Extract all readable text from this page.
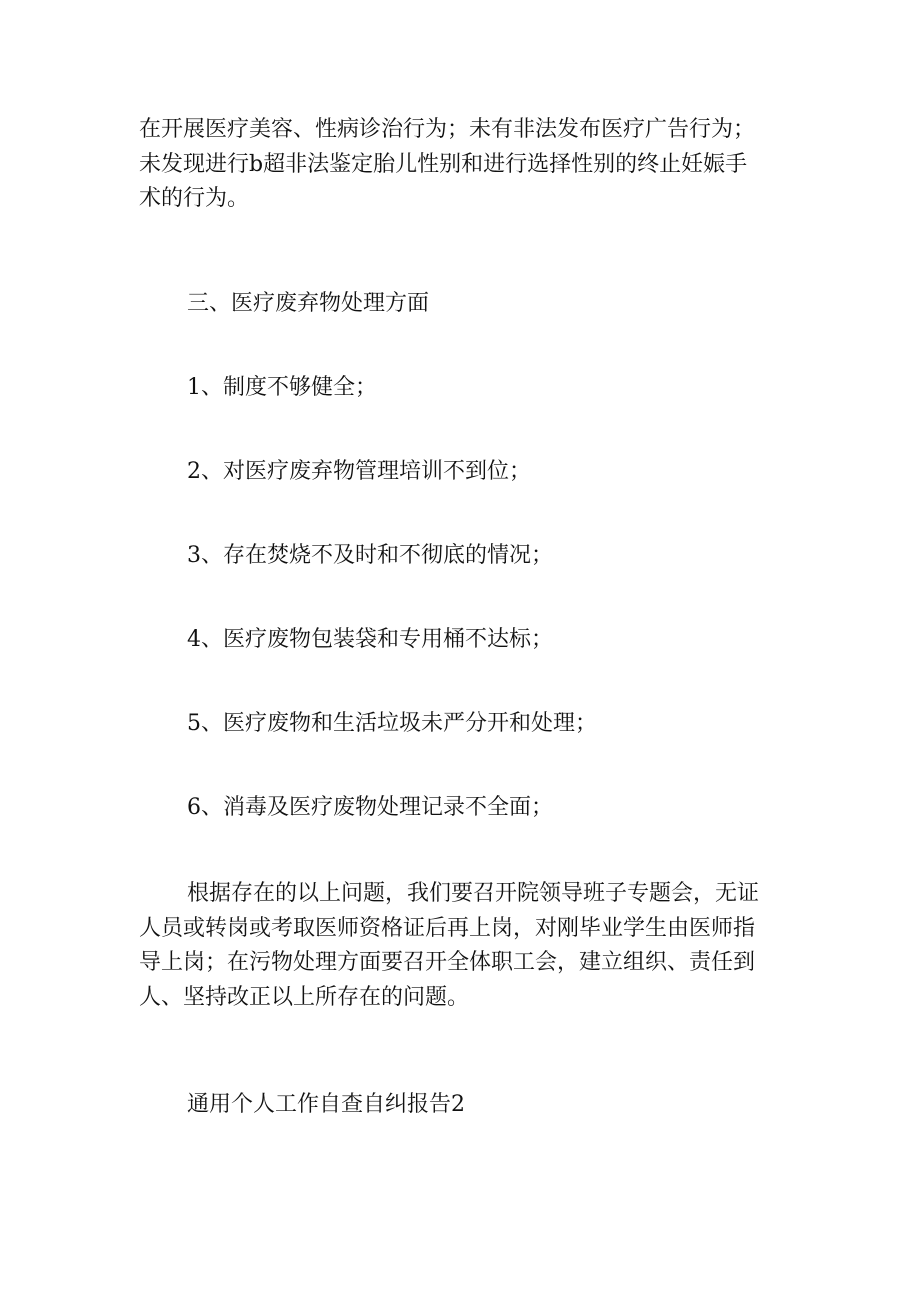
在开展医疗美容、性病诊治行为；未有非法发布医疗广告行为；
未发现进行b超非法鉴定胎儿性别和进行选择性别的终止妊娠手
术的行为。

三、医疗废弃物处理方面

1、制度不够健全；

2、对医疗废弃物管理培训不到位；

3、存在焚烧不及时和不彻底的情况；

4、医疗废物包装袋和专用桶不达标；

5、医疗废物和生活垃圾未严分开和处理；

6、消毒及医疗废物处理记录不全面；

根据存在的以上问题，我们要召开院领导班子专题会，无证
人员或转岗或考取医师资格证后再上岗，对刚毕业学生由医师指
导上岗；在污物处理方面要召开全体职工会，建立组织、责任到
人、坚持改正以上所存在的问题。

通用个人工作自查自纠报告2
